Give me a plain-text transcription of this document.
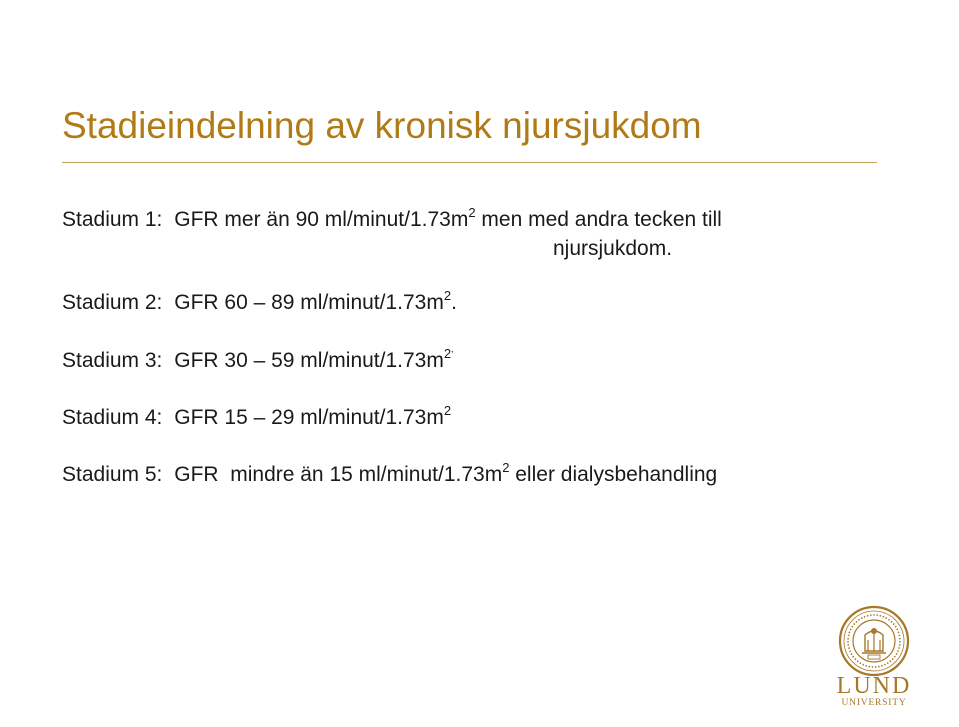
Stadieindelning av kronisk njursjukdom
Stadium 1: GFR mer än 90 $ml/minut/1.73m^2$ men med andra tecken till
njursjukdom.
Stadium 2: GFR 60 – 89 $ml/minut/1.73m^2$.
Stadium 3: GFR 30 – 59 $ml/minut/1.73m^{2’}$
Stadium 4: GFR 15 – 29 $ml/minut/1.73m^2$
Stadium 5: GFR  mindre än 15 $ml/minut/1.73m^2$ eller dialysbehandling
LUND
UNIVERSITY
